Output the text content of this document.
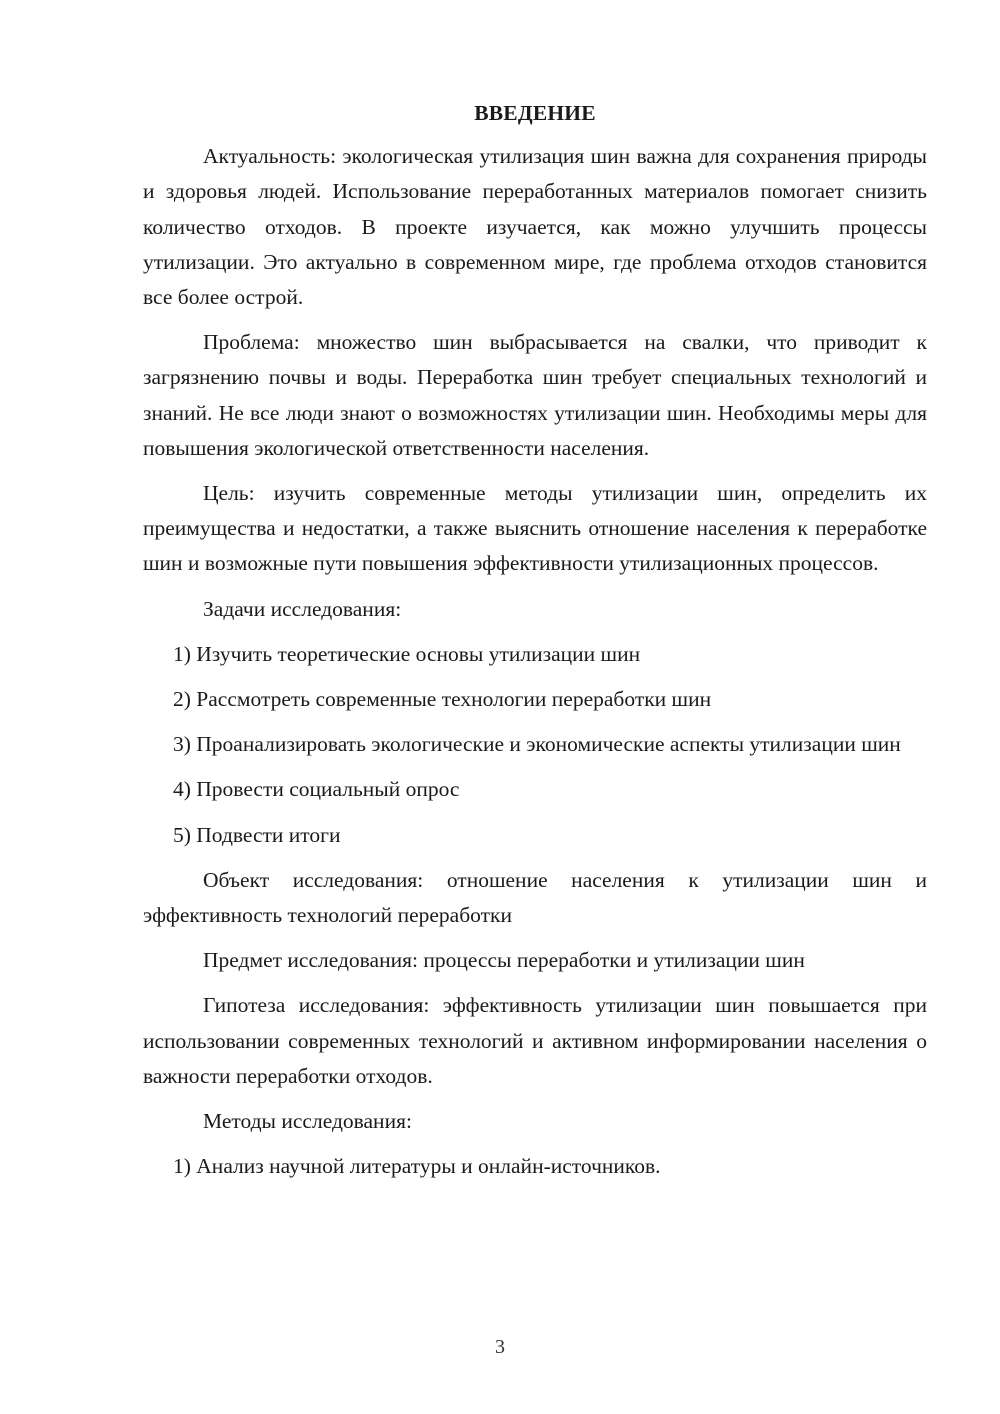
ВВЕДЕНИЕ

Актуальность: экологическая утилизация шин важна для сохранения природы и здоровья людей. Использование переработанных материалов помогает снизить количество отходов. В проекте изучается, как можно улучшить процессы утилизации. Это актуально в современном мире, где проблема отходов становится все более острой.

Проблема: множество шин выбрасывается на свалки, что приводит к загрязнению почвы и воды. Переработка шин требует специальных технологий и знаний. Не все люди знают о возможностях утилизации шин. Необходимы меры для повышения экологической ответственности населения.

Цель: изучить современные методы утилизации шин, определить их преимущества и недостатки, а также выяснить отношение населения к переработке шин и возможные пути повышения эффективности утилизационных процессов.

Задачи исследования:

1) Изучить теоретические основы утилизации шин

2) Рассмотреть современные технологии переработки шин

3) Проанализировать экологические и экономические аспекты утилизации шин

4) Провести социальный опрос

5) Подвести итоги

Объект исследования: отношение населения к утилизации шин и эффективность технологий переработки

Предмет исследования: процессы переработки и утилизации шин

Гипотеза исследования: эффективность утилизации шин повышается при использовании современных технологий и активном информировании населения о важности переработки отходов.

Методы исследования:

1) Анализ научной литературы и онлайн-источников.

3
